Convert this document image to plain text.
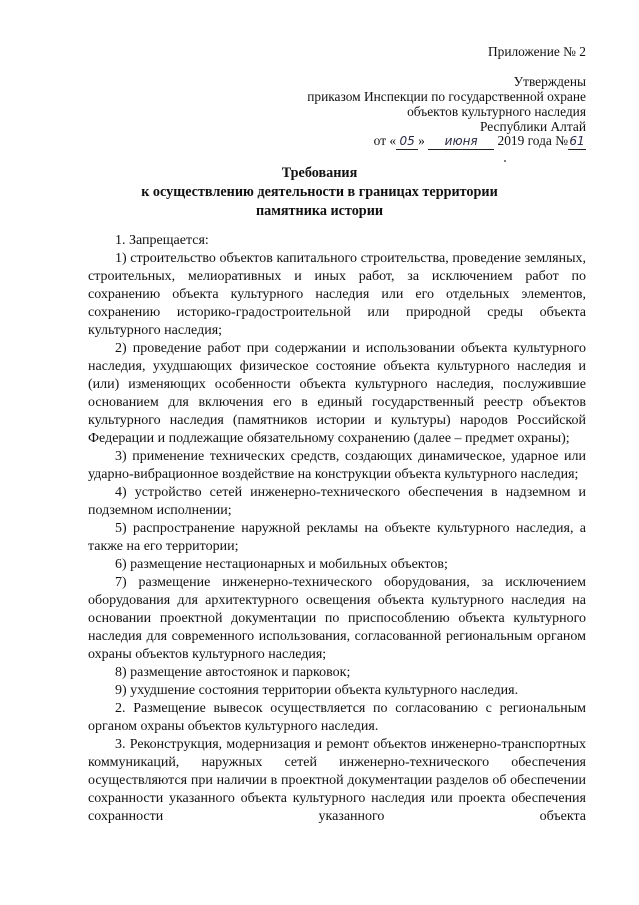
Приложение № 2
Утверждены
приказом Инспекции по государственной охране
объектов культурного наследия
Республики Алтай
от « 05 » июня 2019 года №61
Требования
к осуществлению деятельности в границах территории
памятника истории

1. Запрещается:

1) строительство объектов капитального строительства, проведение земляных, строительных, мелиоративных и иных работ, за исключением работ по сохранению объекта культурного наследия или его отдельных элементов, сохранению историко-градостроительной или природной среды объекта культурного наследия;

2) проведение работ при содержании и использовании объекта культурного наследия, ухудшающих физическое состояние объекта культурного наследия и (или) изменяющих особенности объекта культурного наследия, послужившие основанием для включения его в единый государственный реестр объектов культурного наследия (памятников истории и культуры) народов Российской Федерации и подлежащие обязательному сохранению (далее – предмет охраны);

3) применение технических средств, создающих динамическое, ударное или ударно-вибрационное воздействие на конструкции объекта культурного наследия;

4) устройство сетей инженерно-технического обеспечения в надземном и подземном исполнении;

5) распространение наружной рекламы на объекте культурного наследия, а также на его территории;

6) размещение нестационарных и мобильных объектов;

7) размещение инженерно-технического оборудования, за исключением оборудования для архитектурного освещения объекта культурного наследия на основании проектной документации по приспособлению объекта культурного наследия для современного использования, согласованной региональным органом охраны объектов культурного наследия;

8) размещение автостоянок и парковок;

9) ухудшение состояния территории объекта культурного наследия.

2. Размещение вывесок осуществляется по согласованию с региональным органом охраны объектов культурного наследия.

3. Реконструкция, модернизация и ремонт объектов инженерно-транспортных коммуникаций, наружных сетей инженерно-технического обеспечения осуществляются при наличии в проектной документации разделов об обеспечении сохранности указанного объекта культурного наследия или проекта обеспечения сохранности указанного объекта
